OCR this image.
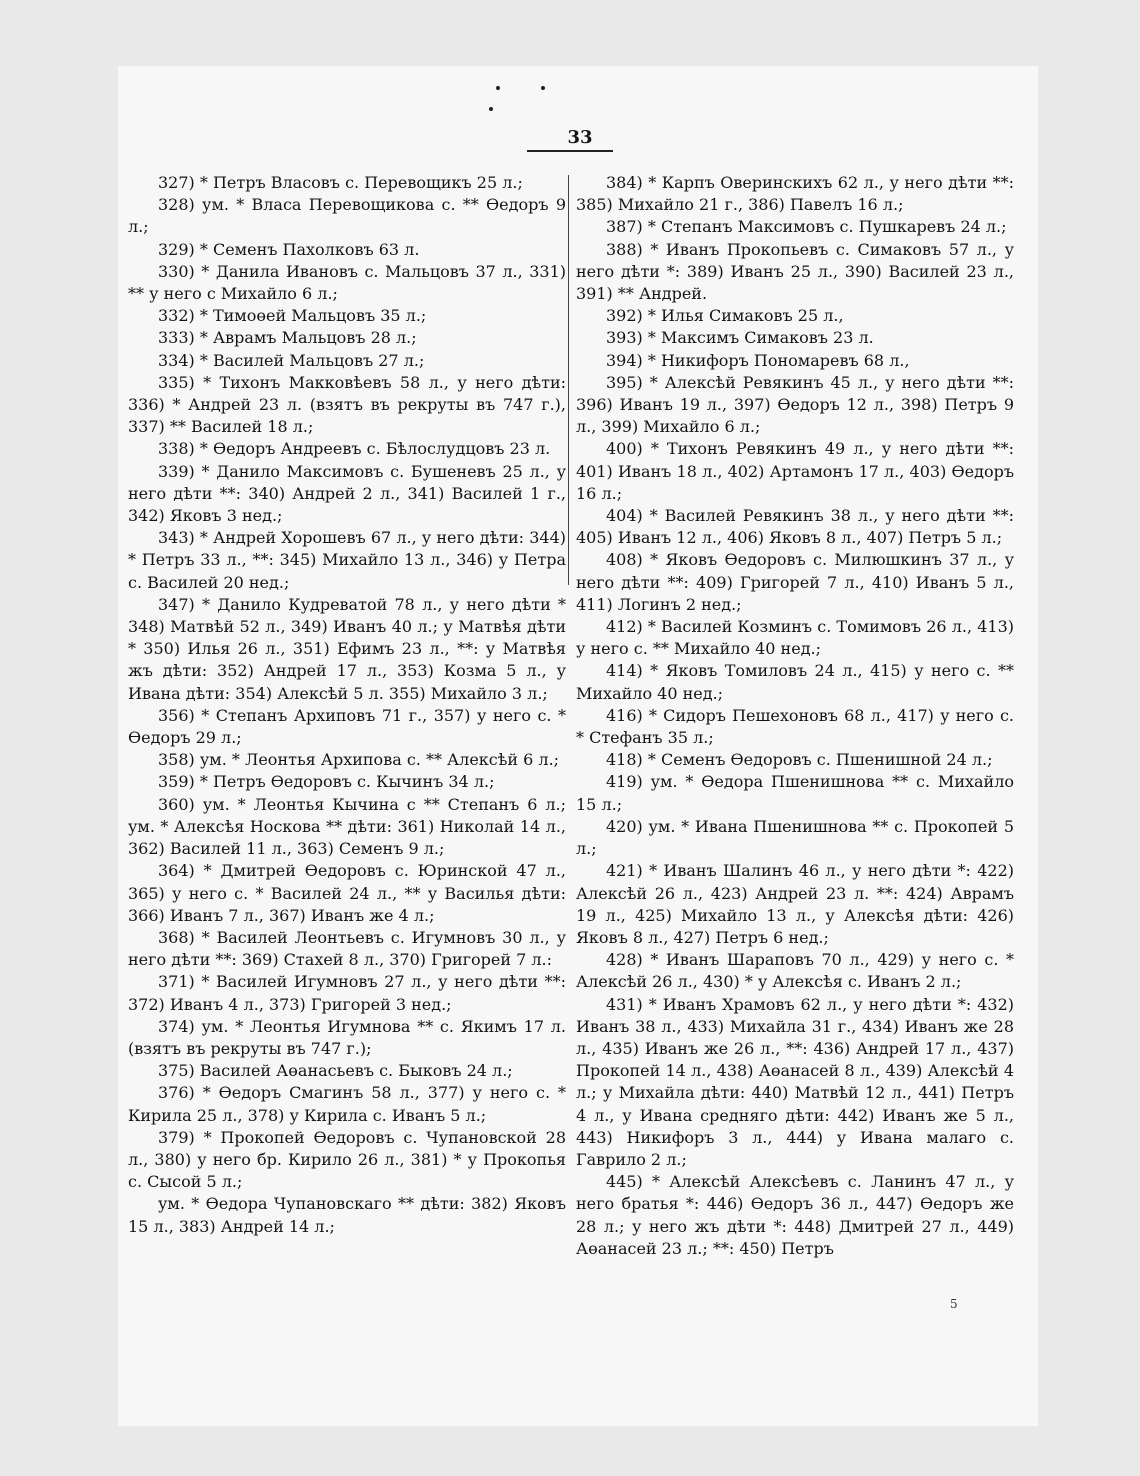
33

327) * Петръ Власовъ с. Перевощикъ 25 л.;

328) ум. * Власа Перевощикова с. ** Өедоръ 9 л.;

329) * Семенъ Пахолковъ 63 л.

330) * Данила Ивановъ с. Мальцовъ 37 л., 331) ** у него с Михайло 6 л.;

332) * Тимоөей Мальцовъ 35 л.;

333) * Аврамъ Мальцовъ 28 л.;

334) * Василей Мальцовъ 27 л.;

335) * Тихонъ Макковѣевъ 58 л., у него дѣти: 336) * Андрей 23 л. (взятъ въ рекруты въ 747 г.), 337) ** Василей 18 л.;

338) * Өедоръ Андреевъ с. Бѣлослудцовъ 23 л.

339) * Данило Максимовъ с. Бушеневъ 25 л., у него дѣти **: 340) Андрей 2 л., 341) Василей 1 г., 342) Яковъ 3 нед.;

343) * Андрей Хорошевъ 67 л., у него дѣти: 344) * Петръ 33 л., **: 345) Михайло 13 л., 346) у Петра с. Василей 20 нед.;

347) * Данило Кудреватой 78 л., у него дѣти * 348) Матвѣй 52 л., 349) Иванъ 40 л.; у Матвѣя дѣти * 350) Илья 26 л., 351) Ефимъ 23 л., **: у Матвѣя жъ дѣти: 352) Андрей 17 л., 353) Козма 5 л., у Ивана дѣти: 354) Алексѣй 5 л. 355) Михайло 3 л.;

356) * Степанъ Архиповъ 71 г., 357) у него с. * Өедоръ 29 л.;

358) ум. * Леонтья Архипова с. ** Алексѣй 6 л.;

359) * Петръ Өедоровъ с. Кычинъ 34 л.;

360) ум. * Леонтья Кычина с ** Степанъ 6 л.; ум. * Алексѣя Носкова ** дѣти: 361) Николай 14 л., 362) Василей 11 л., 363) Семенъ 9 л.;

364) * Дмитрей Өедоровъ с. Юринской 47 л., 365) у него с. * Василей 24 л., ** у Василья дѣти: 366) Иванъ 7 л., 367) Иванъ же 4 л.;

368) * Василей Леонтьевъ с. Игумновъ 30 л., у него дѣти **: 369) Стахей 8 л., 370) Григорей 7 л.:

371) * Василей Игумновъ 27 л., у него дѣти **: 372) Иванъ 4 л., 373) Григорей 3 нед.;

374) ум. * Леонтья Игумнова ** с. Якимъ 17 л. (взятъ въ рекруты въ 747 г.);

375) Василей Аөанасьевъ с. Быковъ 24 л.;

376) * Өедоръ Смагинъ 58 л., 377) у него с. * Кирила 25 л., 378) у Кирила с. Иванъ 5 л.;

379) * Прокопей Өедоровъ с. Чупановской 28 л., 380) у него бр. Кирило 26 л., 381) * у Прокопья с. Сысой 5 л.;

ум. * Өедора Чупановскаго ** дѣти: 382) Яковъ 15 л., 383) Андрей 14 л.;

384) * Карпъ Оверинскихъ 62 л., у него дѣти **: 385) Михайло 21 г., 386) Павелъ 16 л.;

387) * Степанъ Максимовъ с. Пушкаревъ 24 л.;

388) * Иванъ Прокопьевъ с. Симаковъ 57 л., у него дѣти *: 389) Иванъ 25 л., 390) Василей 23 л., 391) ** Андрей.

392) * Илья Симаковъ 25 л.,

393) * Максимъ Симаковъ 23 л.

394) * Никифоръ Пономаревъ 68 л.,

395) * Алексѣй Ревякинъ 45 л., у него дѣти **: 396) Иванъ 19 л., 397) Өедоръ 12 л., 398) Петръ 9 л., 399) Михайло 6 л.;

400) * Тихонъ Ревякинъ 49 л., у него дѣти **: 401) Иванъ 18 л., 402) Артамонъ 17 л., 403) Өедоръ 16 л.;

404) * Василей Ревякинъ 38 л., у него дѣти **: 405) Иванъ 12 л., 406) Яковъ 8 л., 407) Петръ 5 л.;

408) * Яковъ Өедоровъ с. Милюшкинъ 37 л., у него дѣти **: 409) Григорей 7 л., 410) Иванъ 5 л., 411) Логинъ 2 нед.;

412) * Василей Козминъ с. Томимовъ 26 л., 413) у него с. ** Михайло 40 нед.;

414) * Яковъ Томиловъ 24 л., 415) у него с. ** Михайло 40 нед.;

416) * Сидоръ Пешехоновъ 68 л., 417) у него с. * Стефанъ 35 л.;

418) * Семенъ Өедоровъ с. Пшенишной 24 л.;

419) ум. * Өедора Пшенишнова ** с. Михайло 15 л.;

420) ум. * Ивана Пшенишнова ** с. Прокопей 5 л.;

421) * Иванъ Шалинъ 46 л., у него дѣти *: 422) Алексѣй 26 л., 423) Андрей 23 л. **: 424) Аврамъ 19 л., 425) Михайло 13 л., у Алексѣя дѣти: 426) Яковъ 8 л., 427) Петръ 6 нед.;

428) * Иванъ Шараповъ 70 л., 429) у него с. * Алексѣй 26 л., 430) * у Алексѣя с. Иванъ 2 л.;

431) * Иванъ Храмовъ 62 л., у него дѣти *: 432) Иванъ 38 л., 433) Михайла 31 г., 434) Иванъ же 28 л., 435) Иванъ же 26 л., **: 436) Андрей 17 л., 437) Прокопей 14 л., 438) Аөанасей 8 л., 439) Алексѣй 4 л.; у Михайла дѣти: 440) Матвѣй 12 л., 441) Петръ 4 л., у Ивана средняго дѣти: 442) Иванъ же 5 л., 443) Никифоръ 3 л., 444) у Ивана малаго с. Гаврило 2 л.;

445) * Алексѣй Алексѣевъ с. Ланинъ 47 л., у него братья *: 446) Өедоръ 36 л., 447) Өедоръ же 28 л.; у него жъ дѣти *: 448) Дмитрей 27 л., 449) Аөанасей 23 л.; **: 450) Петръ

5
